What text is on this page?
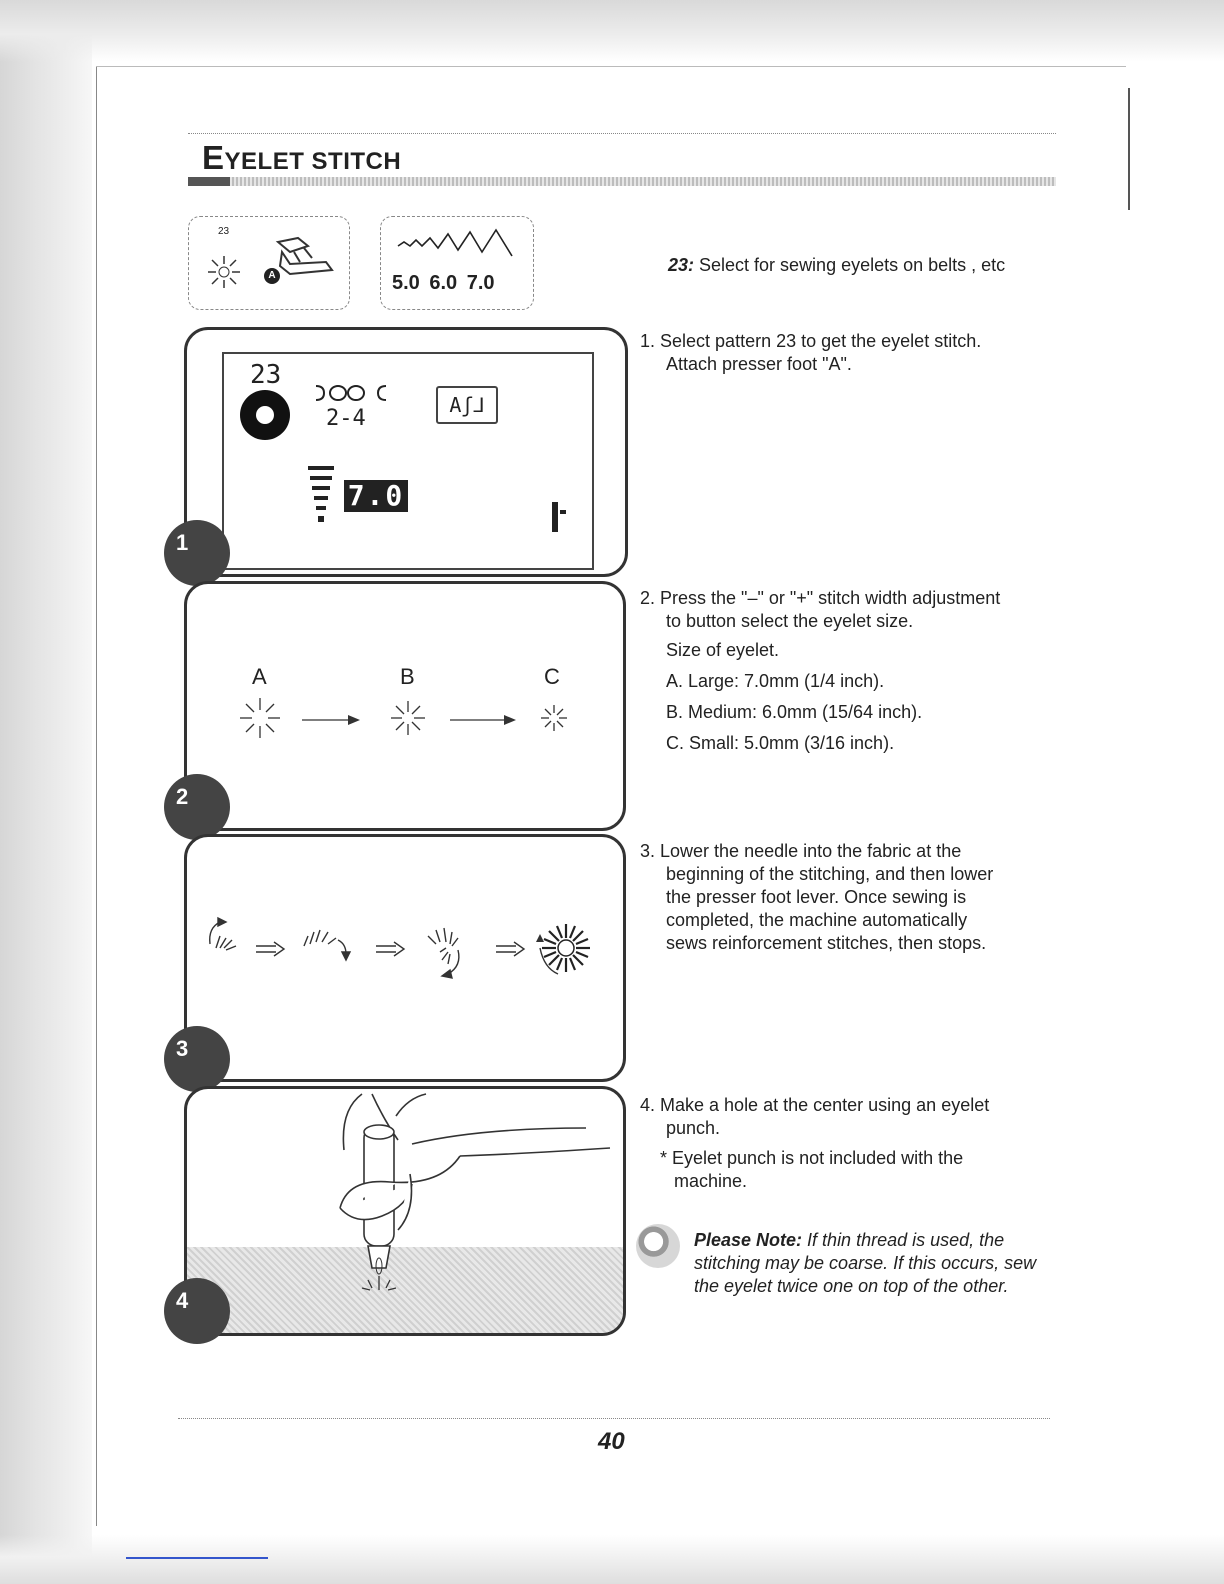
EYELET STITCH
23
A	5.0 6.0 7.0
23: Select for sewing eyelets on belts , etc
23
2-4
Aʃ⅃
7.0
1
A	B	C
2
3
4
1. Select pattern 23 to get the eyelet stitch.
Attach presser foot "A".
2. Press the "–" or "+" stitch width adjustment
to button select the eyelet size.
Size of eyelet.
A. Large: 7.0mm (1/4 inch).
B. Medium: 6.0mm (15/64 inch).
C. Small: 5.0mm (3/16 inch).
3. Lower the needle into the fabric at the
beginning of the stitching, and then lower
the presser foot lever. Once sewing is
completed, the machine automatically
sews reinforcement stitches, then stops.
4. Make a hole at the center using an eyelet
punch.
* Eyelet punch is not included with the
machine.
Please Note: If thin thread is used, the stitching may be coarse. If this occurs, sew the eyelet twice one on top of the other.
40
